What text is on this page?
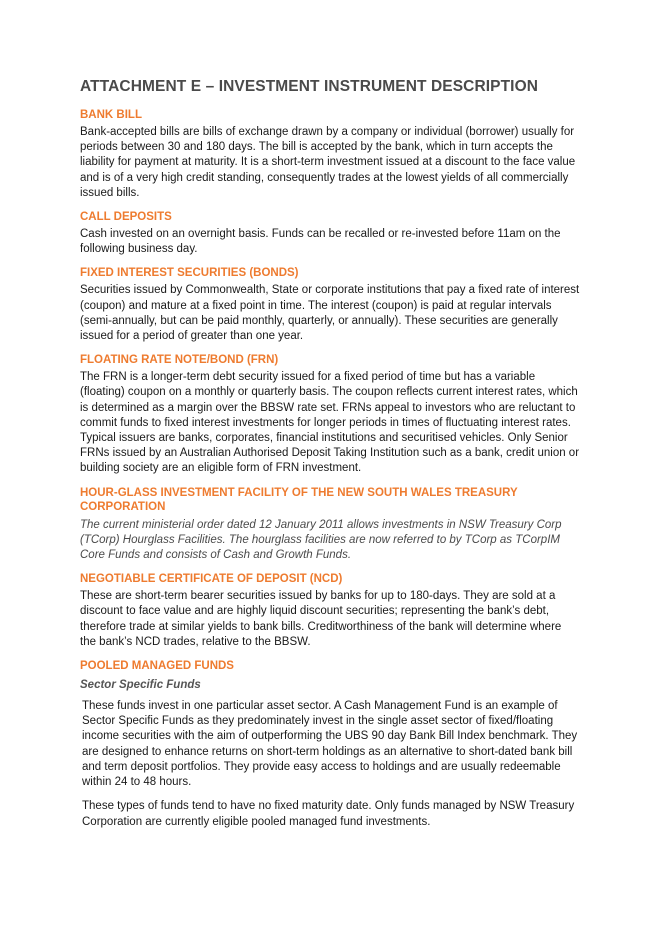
ATTACHMENT E – INVESTMENT INSTRUMENT DESCRIPTION
BANK BILL
Bank-accepted bills are bills of exchange drawn by a company or individual (borrower) usually for periods between 30 and 180 days. The bill is accepted by the bank, which in turn accepts the liability for payment at maturity. It is a short-term investment issued at a discount to the face value and is of a very high credit standing, consequently trades at the lowest yields of all commercially issued bills.
CALL DEPOSITS
Cash invested on an overnight basis. Funds can be recalled or re-invested before 11am on the following business day.
FIXED INTEREST SECURITIES (BONDS)
Securities issued by Commonwealth, State or corporate institutions that pay a fixed rate of interest (coupon) and mature at a fixed point in time. The interest (coupon) is paid at regular intervals (semi-annually, but can be paid monthly, quarterly, or annually). These securities are generally issued for a period of greater than one year.
FLOATING RATE NOTE/BOND (FRN)
The FRN is a longer-term debt security issued for a fixed period of time but has a variable (floating) coupon on a monthly or quarterly basis. The coupon reflects current interest rates, which is determined as a margin over the BBSW rate set. FRNs appeal to investors who are reluctant to commit funds to fixed interest investments for longer periods in times of fluctuating interest rates. Typical issuers are banks, corporates, financial institutions and securitised vehicles. Only Senior FRNs issued by an Australian Authorised Deposit Taking Institution such as a bank, credit union or building society are an eligible form of FRN investment.
HOUR-GLASS INVESTMENT FACILITY OF THE NEW SOUTH WALES TREASURY CORPORATION
The current ministerial order dated 12 January 2011 allows investments in NSW Treasury Corp (TCorp) Hourglass Facilities. The hourglass facilities are now referred to by TCorp as TCorpIM Core Funds and consists of Cash and Growth Funds.
NEGOTIABLE CERTIFICATE OF DEPOSIT (NCD)
These are short-term bearer securities issued by banks for up to 180-days. They are sold at a discount to face value and are highly liquid discount securities; representing the bank’s debt, therefore trade at similar yields to bank bills. Creditworthiness of the bank will determine where the bank’s NCD trades, relative to the BBSW.
POOLED MANAGED FUNDS
Sector Specific Funds
These funds invest in one particular asset sector. A Cash Management Fund is an example of Sector Specific Funds as they predominately invest in the single asset sector of fixed/floating income securities with the aim of outperforming the UBS 90 day Bank Bill Index benchmark. They are designed to enhance returns on short-term holdings as an alternative to short-dated bank bill and term deposit portfolios. They provide easy access to holdings and are usually redeemable within 24 to 48 hours.
These types of funds tend to have no fixed maturity date. Only funds managed by NSW Treasury Corporation are currently eligible pooled managed fund investments.
